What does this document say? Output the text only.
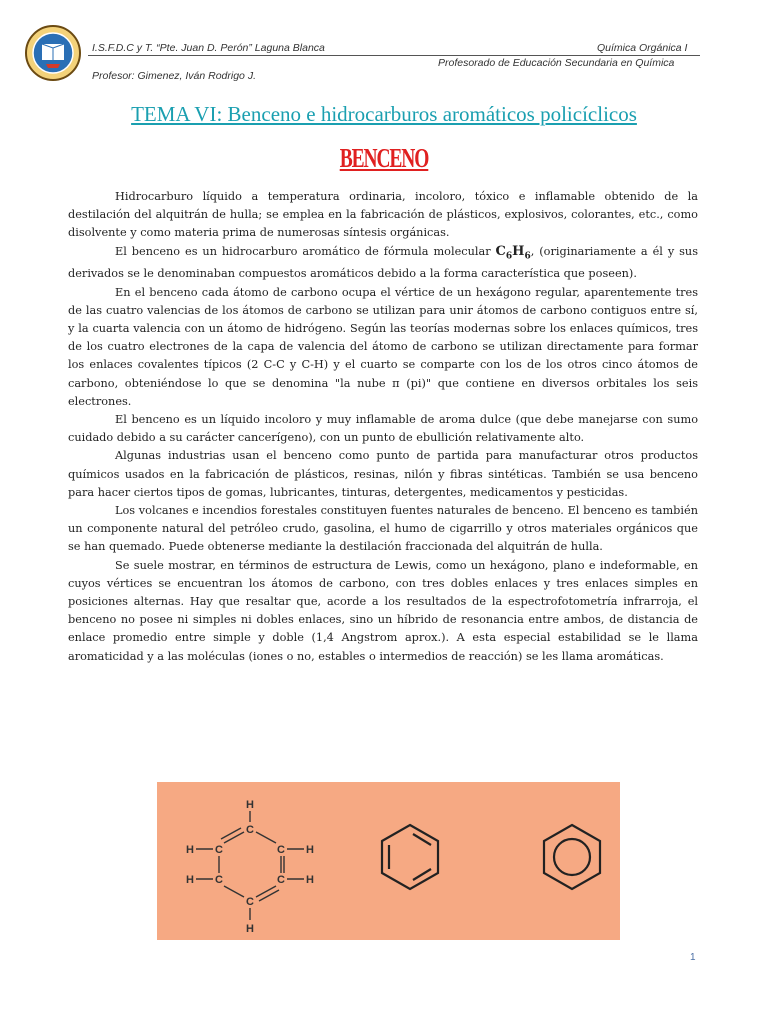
I.S.F.D.C y T. “Pte. Juan D. Perón” Laguna Blanca	Química Orgánica I
Profesorado de Educación Secundaria en Química
Profesor: Gimenez, Iván Rodrigo J.
TEMA VI: Benceno e hidrocarburos aromáticos policíclicos
BENCENO

Hidrocarburo líquido a temperatura ordinaria, incoloro, tóxico e inflamable obtenido de la destilación del alquitrán de hulla; se emplea en la fabricación de plásticos, explosivos, colorantes, etc., como disolvente y como materia prima de numerosas síntesis orgánicas.

El benceno es un hidrocarburo aromático de fórmula molecular $C_6H_6$, (originariamente a él y sus derivados se le denominaban compuestos aromáticos debido a la forma característica que poseen).

En el benceno cada átomo de carbono ocupa el vértice de un hexágono regular, aparentemente tres de las cuatro valencias de los átomos de carbono se utilizan para unir átomos de carbono contiguos entre sí, y la cuarta valencia con un átomo de hidrógeno. Según las teorías modernas sobre los enlaces químicos, tres de los cuatro electrones de la capa de valencia del átomo de carbono se utilizan directamente para formar los enlaces covalentes típicos (2 C-C y C-H) y el cuarto se comparte con los de los otros cinco átomos de carbono, obteniéndose lo que se denomina "la nube π (pi)" que contiene en diversos orbitales los seis electrones.

El benceno es un líquido incoloro y muy inflamable de aroma dulce (que debe manejarse con sumo cuidado debido a su carácter cancerígeno), con un punto de ebullición relativamente alto.

Algunas industrias usan el benceno como punto de partida para manufacturar otros productos químicos usados en la fabricación de plásticos, resinas, nilón y fibras sintéticas. También se usa benceno para hacer ciertos tipos de gomas, lubricantes, tinturas, detergentes, medicamentos y pesticidas.

Los volcanes e incendios forestales constituyen fuentes naturales de benceno. El benceno es también un componente natural del petróleo crudo, gasolina, el humo de cigarrillo y otros materiales orgánicos que se han quemado. Puede obtenerse mediante la destilación fraccionada del alquitrán de hulla.

Se suele mostrar, en términos de estructura de Lewis, como un hexágono, plano e indeformable, en cuyos vértices se encuentran los átomos de carbono, con tres dobles enlaces y tres enlaces simples en posiciones alternas. Hay que resaltar que, acorde a los resultados de la espectrofotometría infrarroja, el benceno no posee ni simples ni dobles enlaces, sino un híbrido de resonancia entre ambos, de distancia de enlace promedio entre simple y doble (1,4 Angstrom aprox.). A esta especial estabilidad se le llama aromaticidad y a las moléculas (iones o no, estables o intermedios de reacción) se les llama aromáticas.

H
C
C	C
C	C
C
H
H
H
H
H
1
